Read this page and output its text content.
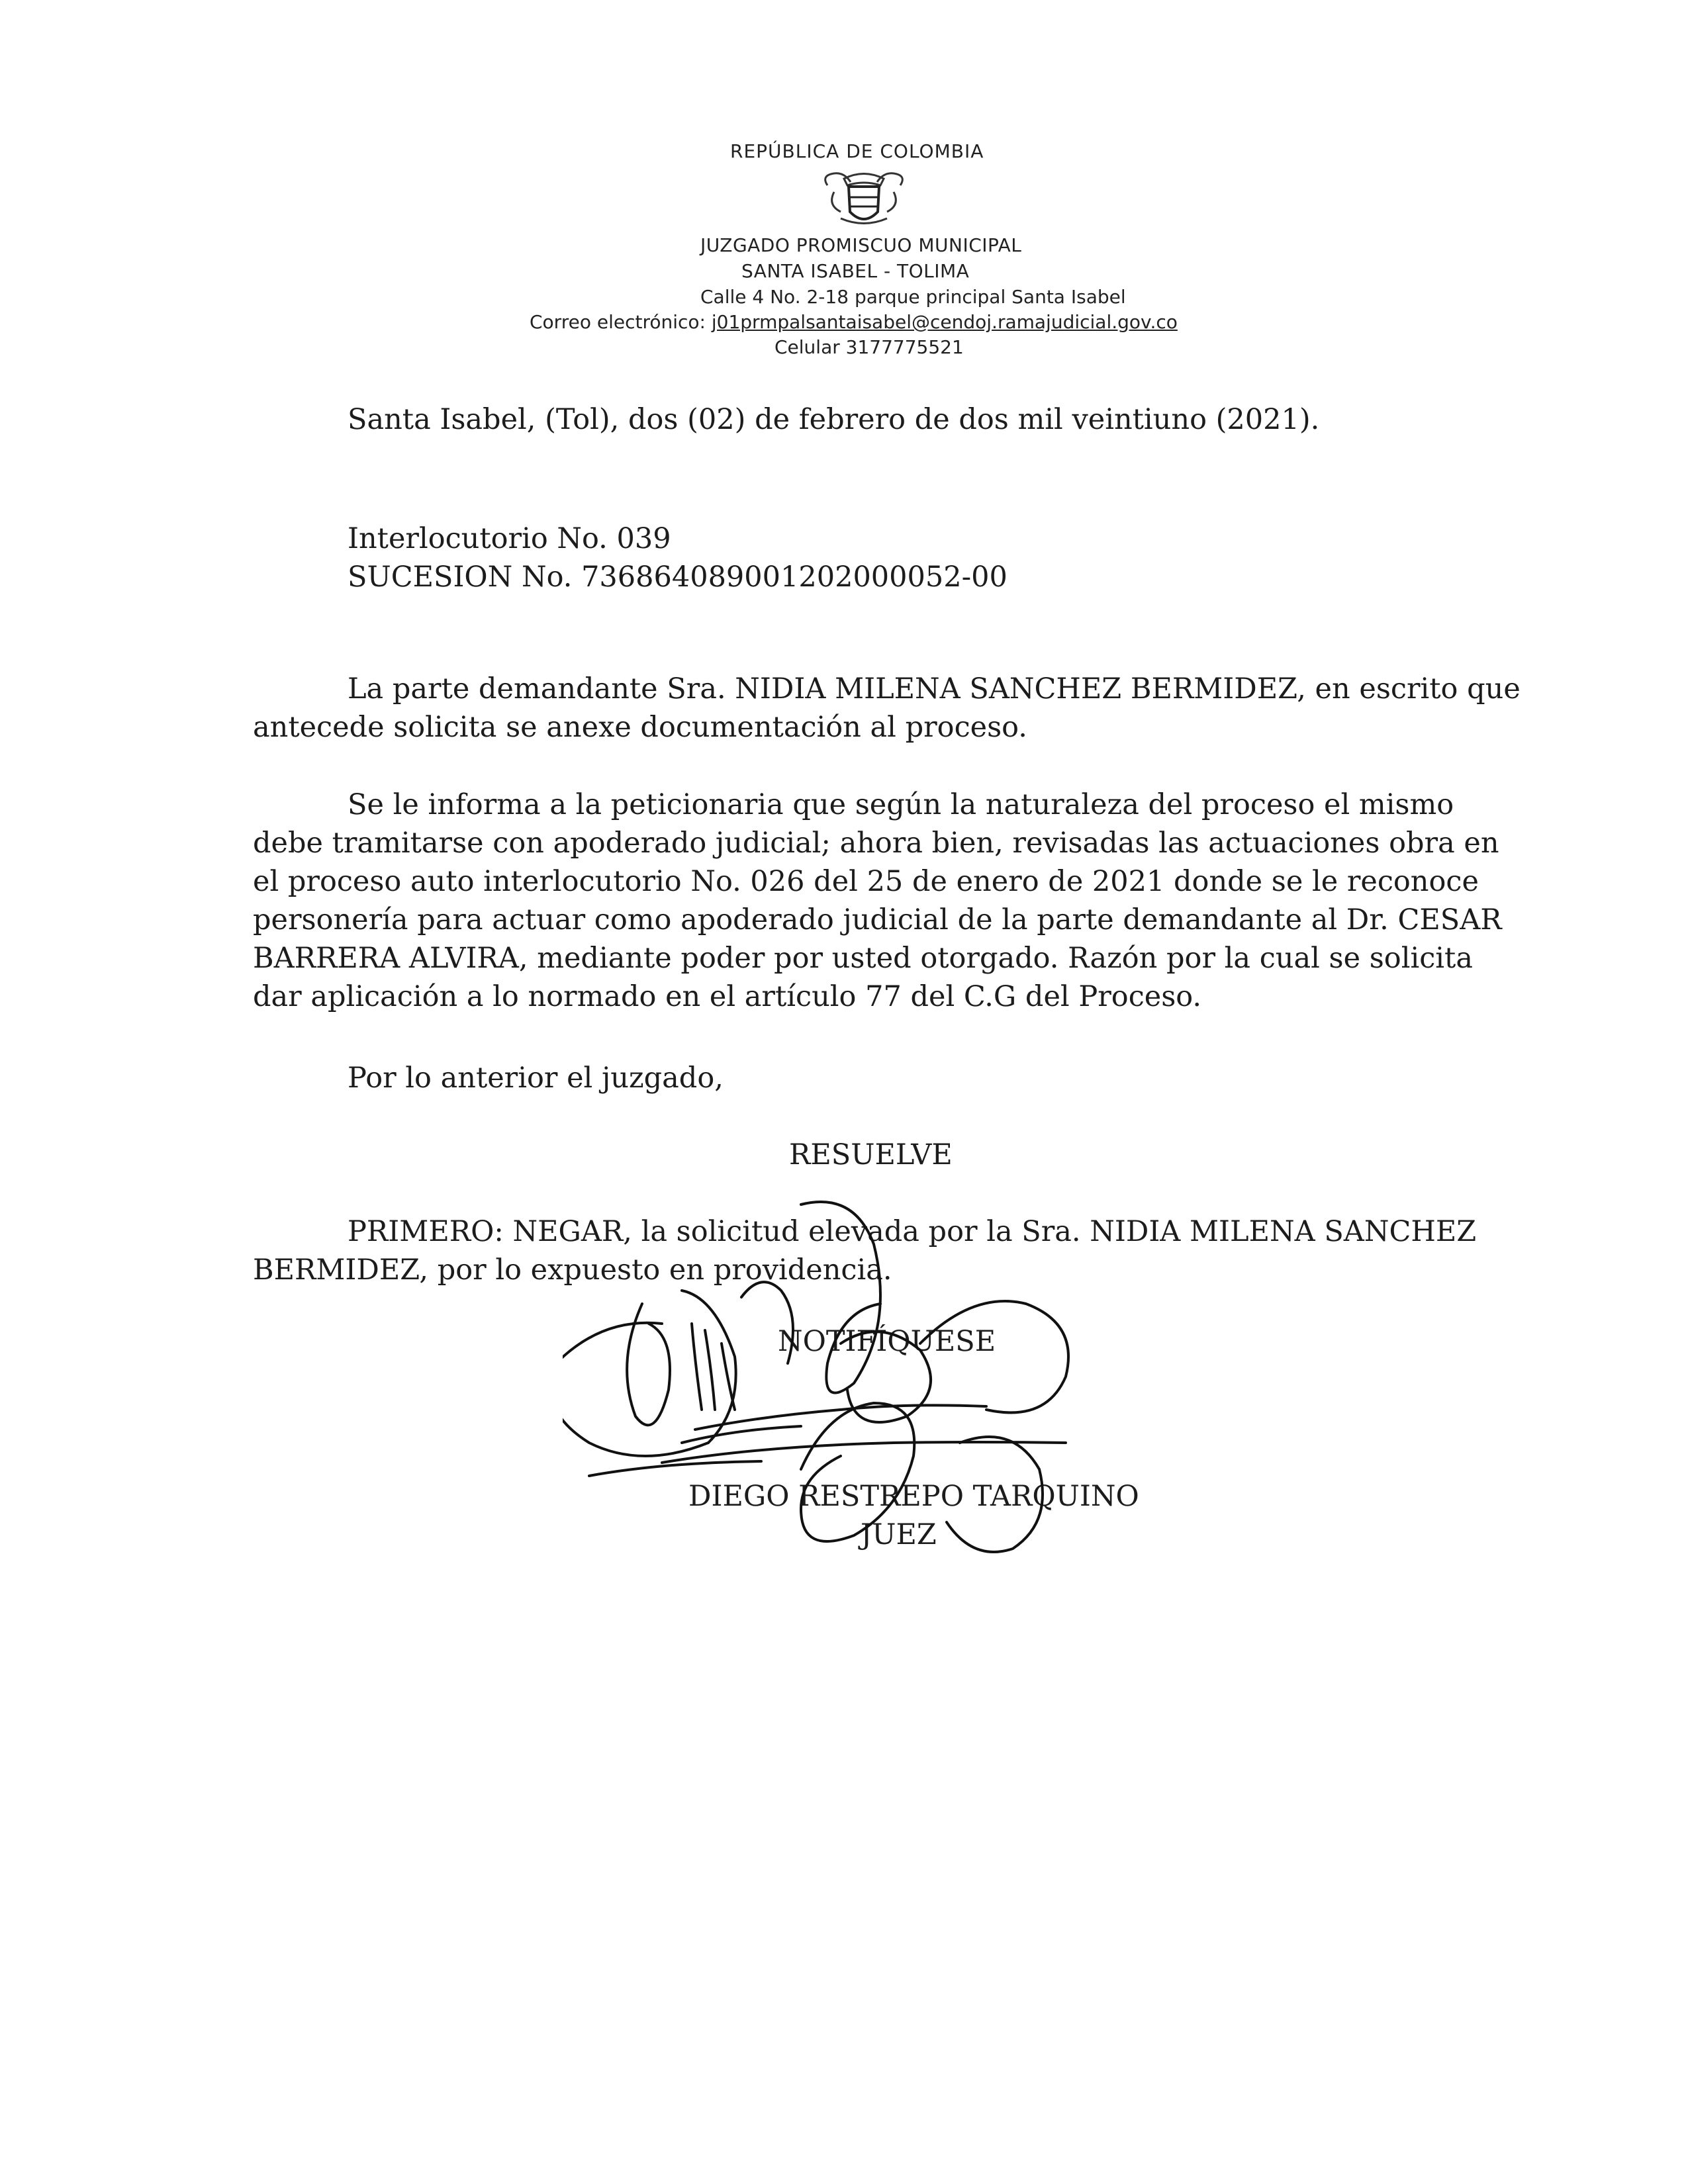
REPÚBLICA DE COLOMBIA
JUZGADO PROMISCUO MUNICIPAL
SANTA ISABEL - TOLIMA
Calle 4 No. 2-18 parque principal Santa Isabel
Correo electrónico: j01prmpalsantaisabel@cendoj.ramajudicial.gov.co
Celular 3177775521
Santa Isabel, (Tol), dos (02) de febrero de dos mil veintiuno (2021).
Interlocutorio No. 039
SUCESION No. 73686408900120200​0052-00
La parte demandante Sra. NIDIA MILENA SANCHEZ BERMIDEZ, en escrito que
antecede solicita se anexe documentación al proceso.
Se le informa a la peticionaria que según la naturaleza del proceso el mismo
debe tramitarse con apoderado judicial; ahora bien, revisadas las actuaciones obra en
el proceso auto interlocutorio No. 026 del 25 de enero de 2021 donde se le reconoce
personería para actuar como apoderado judicial de la parte demandante al Dr. CESAR
BARRERA ALVIRA, mediante poder por usted otorgado. Razón por la cual se solicita
dar aplicación a lo normado en el artículo 77 del C.G del Proceso.
Por lo anterior el juzgado,
RESUELVE
PRIMERO: NEGAR, la solicitud elevada por la Sra. NIDIA MILENA SANCHEZ
BERMIDEZ, por lo expuesto en providencia.
NOTIFÍQUESE
DIEGO RESTREPO TARQUINO
JUEZ
